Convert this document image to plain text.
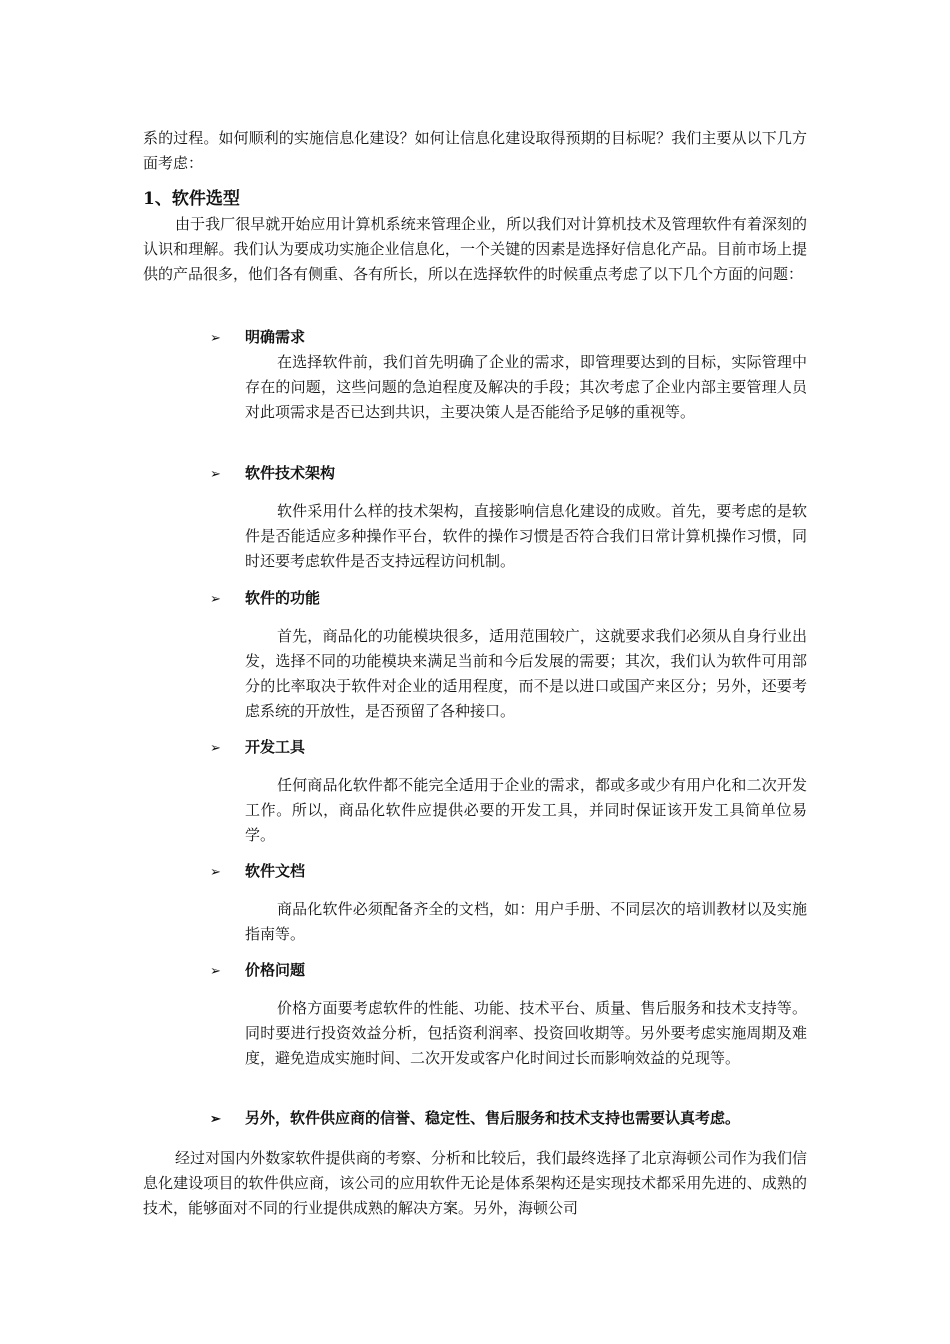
系的过程。如何顺利的实施信息化建设？如何让信息化建设取得预期的目标呢？我们主要从以下几方面考虑：

1、软件选型

由于我厂很早就开始应用计算机系统来管理企业，所以我们对计算机技术及管理软件有着深刻的认识和理解。我们认为要成功实施企业信息化，一个关键的因素是选择好信息化产品。目前市场上提供的产品很多，他们各有侧重、各有所长，所以在选择软件的时候重点考虑了以下几个方面的问题：

➢ 明确需求

在选择软件前，我们首先明确了企业的需求，即管理要达到的目标，实际管理中存在的问题，这些问题的急迫程度及解决的手段；其次考虑了企业内部主要管理人员对此项需求是否已达到共识，主要决策人是否能给予足够的重视等。

➢ 软件技术架构

软件采用什么样的技术架构，直接影响信息化建设的成败。首先，要考虑的是软件是否能适应多种操作平台，软件的操作习惯是否符合我们日常计算机操作习惯，同时还要考虑软件是否支持远程访问机制。

➢ 软件的功能

首先，商品化的功能模块很多，适用范围较广，这就要求我们必须从自身行业出发，选择不同的功能模块来满足当前和今后发展的需要；其次，我们认为软件可用部分的比率取决于软件对企业的适用程度，而不是以进口或国产来区分；另外，还要考虑系统的开放性，是否预留了各种接口。

➢ 开发工具

任何商品化软件都不能完全适用于企业的需求，都或多或少有用户化和二次开发工作。所以，商品化软件应提供必要的开发工具，并同时保证该开发工具简单位易学。

➢ 软件文档

商品化软件必须配备齐全的文档，如：用户手册、不同层次的培训教材以及实施指南等。

➢ 价格问题

价格方面要考虑软件的性能、功能、技术平台、质量、售后服务和技术支持等。同时要进行投资效益分析，包括资利润率、投资回收期等。另外要考虑实施周期及难度，避免造成实施时间、二次开发或客户化时间过长而影响效益的兑现等。

➢ 另外，软件供应商的信誉、稳定性、售后服务和技术支持也需要认真考虑。

经过对国内外数家软件提供商的考察、分析和比较后，我们最终选择了北京海顿公司作为我们信息化建设项目的软件供应商，该公司的应用软件无论是体系架构还是实现技术都采用先进的、成熟的技术，能够面对不同的行业提供成熟的解决方案。另外，海顿公司
